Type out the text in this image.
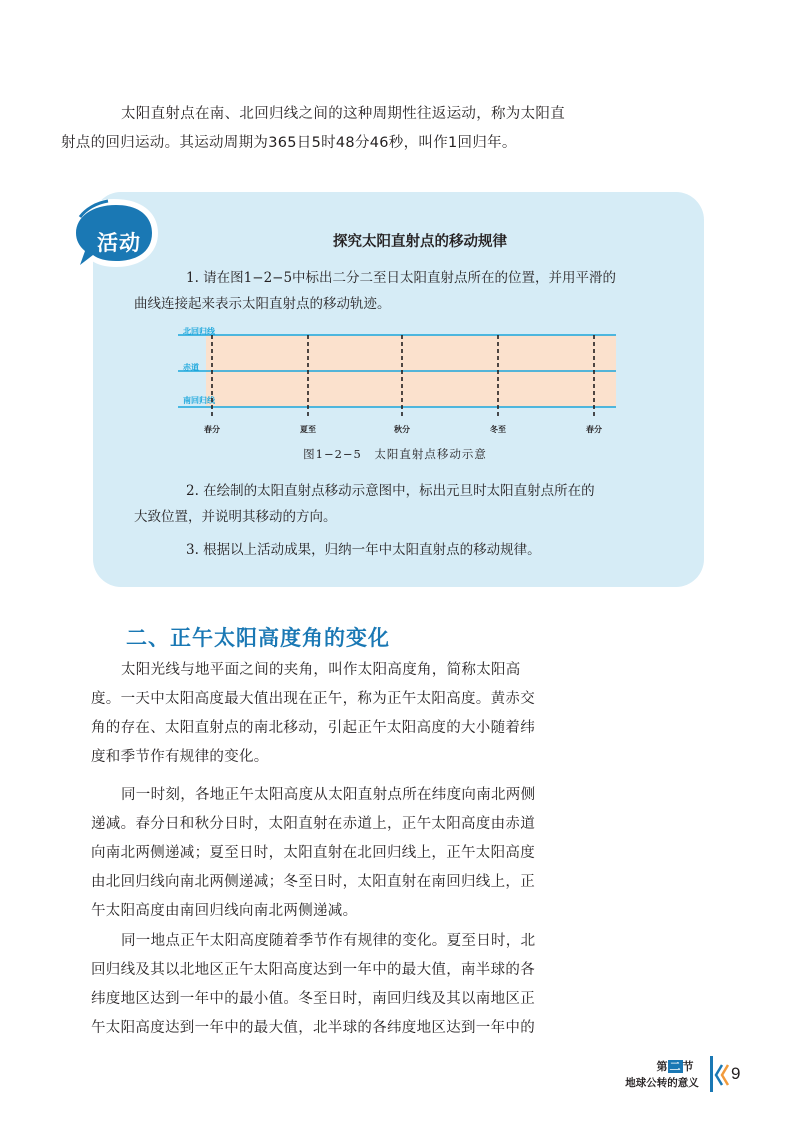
太阳直射点在南、北回归线之间的这种周期性往返运动，称为太阳直
射点的回归运动。其运动周期为365日5时48分46秒，叫作1回归年。
活动	探究太阳直射点的移动规律
1. 请在图1−2−5中标出二分二至日太阳直射点所在的位置，并用平滑的
曲线连接起来表示太阳直射点的移动轨迹。
北回归线
赤道
南回归线
春分	夏至	秋分	冬至	春分
图1−2−5　太阳直射点移动示意
2. 在绘制的太阳直射点移动示意图中，标出元旦时太阳直射点所在的
大致位置，并说明其移动的方向。
3. 根据以上活动成果，归纳一年中太阳直射点的移动规律。
二、正午太阳高度角的变化
太阳光线与地平面之间的夹角，叫作太阳高度角，简称太阳高
度。一天中太阳高度最大值出现在正午，称为正午太阳高度。黄赤交
角的存在、太阳直射点的南北移动，引起正午太阳高度的大小随着纬
度和季节作有规律的变化。
同一时刻，各地正午太阳高度从太阳直射点所在纬度向南北两侧
递减。春分日和秋分日时，太阳直射在赤道上，正午太阳高度由赤道
向南北两侧递减；夏至日时，太阳直射在北回归线上，正午太阳高度
由北回归线向南北两侧递减；冬至日时，太阳直射在南回归线上，正
午太阳高度由南回归线向南北两侧递减。
同一地点正午太阳高度随着季节作有规律的变化。夏至日时，北
回归线及其以北地区正午太阳高度达到一年中的最大值，南半球的各
纬度地区达到一年中的最小值。冬至日时，南回归线及其以南地区正
午太阳高度达到一年中的最大值，北半球的各纬度地区达到一年中的
第 二 节
地球公转的意义	9
